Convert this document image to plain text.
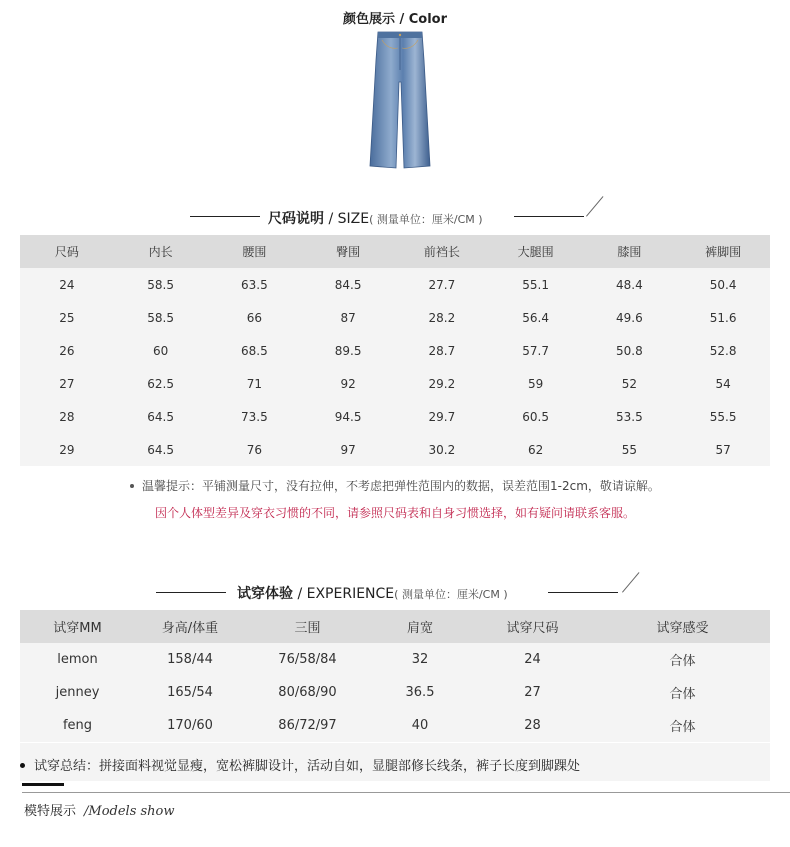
颜色展示 / Color
尺码说明 / SIZE( 测量单位：厘米/CM )
尺码	内长	腰围	臀围	前裆长	大腿围	膝围	裤脚围
24	58.5	63.5	84.5	27.7	55.1	48.4	50.4
25	58.5	66	87	28.2	56.4	49.6	51.6
26	60	68.5	89.5	28.7	57.7	50.8	52.8
27	62.5	71	92	29.2	59	52	54
28	64.5	73.5	94.5	29.7	60.5	53.5	55.5
29	64.5	76	97	30.2	62	55	57
温馨提示：平铺测量尺寸，没有拉伸，不考虑把弹性范围内的数据，误差范围1-2cm，敬请谅解。
因个人体型差异及穿衣习惯的不同，请参照尺码表和自身习惯选择，如有疑问请联系客服。
试穿体验 / EXPERIENCE( 测量单位：厘米/CM )
试穿MM	身高/体重	三围	肩宽	试穿尺码	试穿感受
lemon	158/44	76/58/84	32	24	合体
jenney	165/54	80/68/90	36.5	27	合体
feng	170/60	86/72/97	40	28	合体
试穿总结：拼接面料视觉显瘦，宽松裤脚设计，活动自如，显腿部修长线条，裤子长度到脚踝处
模特展示 /Models show
